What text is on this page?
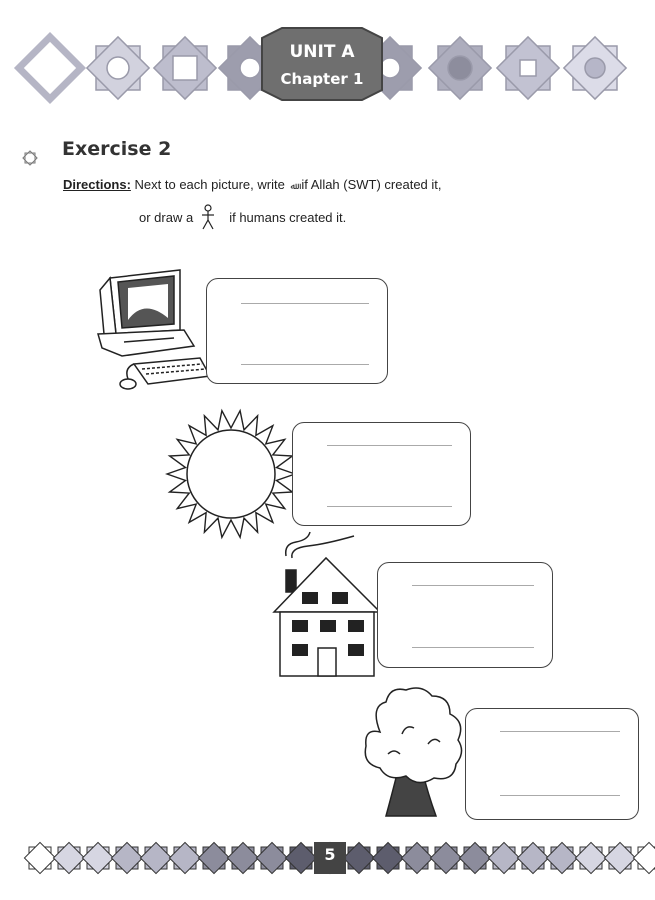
UNIT A
Chapter 1
Exercise 2
Directions: Next to each picture, write ﷲ if Allah (SWT) created it,
or draw a	if humans created it.
5
